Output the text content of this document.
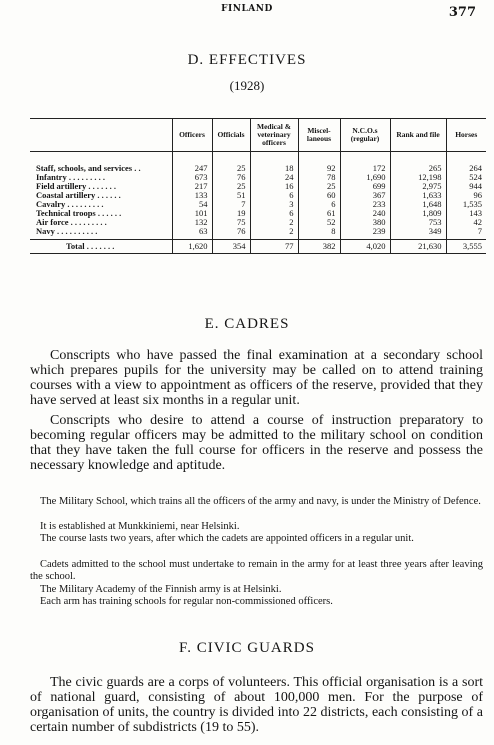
FINLAND	377
D. EFFECTIVES
(1928)
	Officers	Officials	Medical & veterinary officers	Miscel-laneous	N.C.O.s (regular)	Rank and file	Horses
Staff, schools, and services . .	247	25	18	92	172	265	264
Infantry . . . . . . . . .	673	76	24	78	1,690	12,198	524
Field artillery . . . . . . .	217	25	16	25	699	2,975	944
Coastal artillery . . . . . .	133	51	6	60	367	1,633	96
Cavalry . . . . . . . . .	54	7	3	6	233	1,648	1,535
Technical troops . . . . . .	101	19	6	61	240	1,809	143
Air force . . . . . . . . .	132	75	2	52	380	753	42
Navy . . . . . . . . . .	63	76	2	8	239	349	7
Total . . . . . . .	1,620	354	77	382	4,020	21,630	3,555
E. CADRES

Conscripts who have passed the final examination at a secondary school which prepares pupils for the university may be called on to attend training courses with a view to appointment as officers of the reserve, provided that they have served at least six months in a regular unit.

Conscripts who desire to attend a course of instruction preparatory to becoming regular officers may be admitted to the military school on condition that they have taken the full course for officers in the reserve and possess the necessary knowledge and aptitude.

The Military School, which trains all the officers of the army and navy, is under the Ministry of Defence.

It is established at Munkkiniemi, near Helsinki.

The course lasts two years, after which the cadets are appointed officers in a regular unit.

Cadets admitted to the school must undertake to remain in the army for at least three years after leaving the school.

The Military Academy of the Finnish army is at Helsinki.

Each arm has training schools for regular non-commissioned officers.

F. CIVIC GUARDS

The civic guards are a corps of volunteers. This official organisation is a sort of national guard, consisting of about 100,000 men. For the purpose of organisation of units, the country is divided into 22 districts, each consisting of a certain number of subdistricts (19 to 55).
